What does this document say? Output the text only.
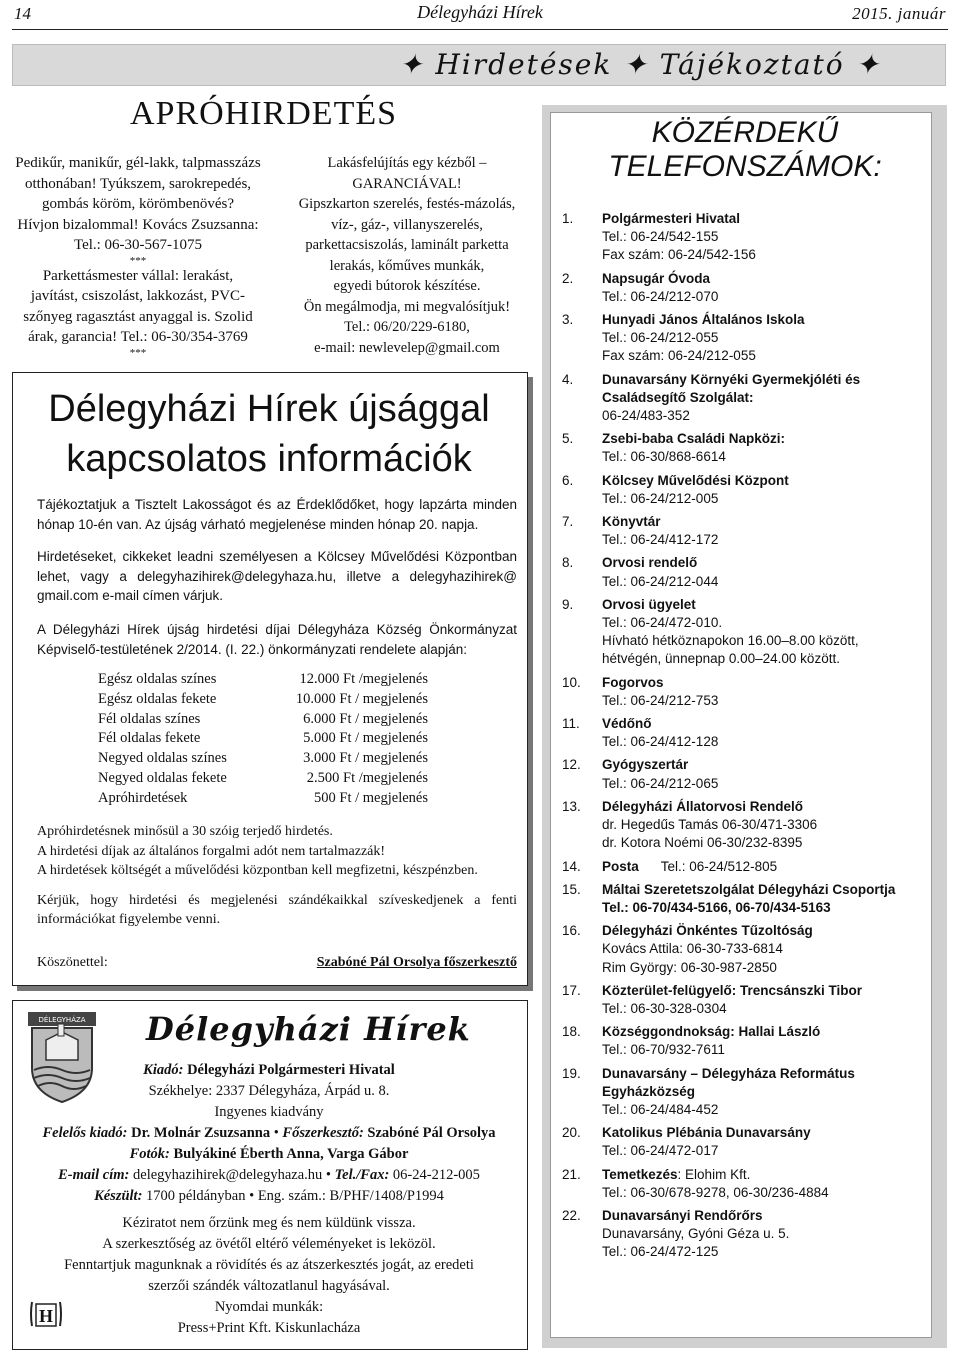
14	Délegyházi Hírek	2015. január
✦ Hirdetések ✦ Tájékoztató ✦
APRÓHIRDETÉS
Pedikűr, manikűr, gél-lakk, talpmasszázs
otthonában! Tyúkszem, sarokrepedés,
gombás köröm, körömbenövés?
Hívjon bizalommal! Kovács Zsuzsanna:
Tel.: 06-30-567-1075
***
Parkettásmester vállal: lerakást,
javítást, csiszolást, lakkozást, PVC-
szőnyeg ragasztást anyaggal is. Szolid
árak, garancia! Tel.: 06-30/354-3769
***
Lakásfelújítás egy kézből –
GARANCIÁVAL!
Gipszkarton szerelés, festés-mázolás,
víz-, gáz-, villanyszerelés,
parkettacsiszolás, laminált parketta
lerakás, kőműves munkák,
egyedi bútorok készítése.
Ön megálmodja, mi megvalósítjuk!
Tel.: 06/20/229-6180,
e-mail: newlevelep@gmail.com
Délegyházi Hírek újsággal
kapcsolatos információk
Tájékoztatjuk a Tisztelt Lakosságot és az Érdeklődőket, hogy lapzárta minden hónap 10-én van. Az újság várható megjelenése minden hónap 20. napja.
Hirdetéseket, cikkeket leadni személyesen a Kölcsey Művelődési Központban lehet, vagy a delegyhazihirek@delegyhaza.hu, illetve a delegyhazihirek@ gmail.com e-mail címen várjuk.
A Délegyházi Hírek újság hirdetési díjai Délegyháza Község Önkormányzat Képviselő-testületének 2/2014. (I. 22.) önkormányzati rendelete alapján:
Egész oldalas színes	12.000 Ft /megjelenés
Egész oldalas fekete	10.000 Ft / megjelenés
Fél oldalas színes	6.000 Ft / megjelenés
Fél oldalas fekete	5.000 Ft / megjelenés
Negyed oldalas színes	3.000 Ft / megjelenés
Negyed oldalas fekete	2.500 Ft /megjelenés
Apróhirdetések	500 Ft / megjelenés

Apróhirdetésnek minősül a 30 szóig terjedő hirdetés.

A hirdetési díjak az általános forgalmi adót nem tartalmazzák!

A hirdetések költségét a művelődési központban kell megfizetni, készpénzben.

Kérjük, hogy hirdetési és megjelenési szándékaikkal szíveskedjenek a fenti információkat figyelembe venni.

Köszönettel:	Szabóné Pál Orsolya főszerkesztő
DÉLEGYHÁZA Délegyházi Hírek
Kiadó: Délegyházi Polgármesteri Hivatal
Székhelye: 2337 Délegyháza, Árpád u. 8.
Ingyenes kiadvány
Felelős kiadó: Dr. Molnár Zsuzsanna • Főszerkesztő: Szabóné Pál Orsolya
Fotók: Bulyákiné Éberth Anna, Varga Gábor
E-mail cím: delegyhazihirek@delegyhaza.hu • Tel./Fax: 06-24-212-005
Készült: 1700 példányban • Eng. szám.: B/PHF/1408/P1994
Kéziratot nem őrzünk meg és nem küldünk vissza.
A szerkesztőség az övétől eltérő véleményeket is leközöl.
Fenntartjuk magunknak a rövidítés és az átszerkesztés jogát, az eredeti
szerzői szándék változatlanul hagyásával.
Nyomdai munkák:
Press+Print Kft. Kiskunlacháza
H
KÖZÉRDEKŰ
TELEFONSZÁMOK:
1.	Polgármesteri Hivatal
Tel.: 06-24/542-155
Fax szám: 06-24/542-156
2.	Napsugár Óvoda
Tel.: 06-24/212-070
3.	Hunyadi János Általános Iskola
Tel.: 06-24/212-055
Fax szám: 06-24/212-055
4.	Dunavarsány Környéki Gyermekjóléti és Családsegítő Szolgálat:
06-24/483-352
5.	Zsebi-baba Családi Napközi:
Tel.: 06-30/868-6614
6.	Kölcsey Művelődési Központ
Tel.: 06-24/212-005
7.	Könyvtár
Tel.: 06-24/412-172
8.	Orvosi rendelő
Tel.: 06-24/212-044
9.	Orvosi ügyelet
Tel.: 06-24/472-010.
Hívható hétköznapokon 16.00–8.00 között,
hétvégén, ünnepnap 0.00–24.00 között.
10.	Fogorvos
Tel.: 06-24/212-753
11.	Védőnő
Tel.: 06-24/412-128
12.	Gyógyszertár
Tel.: 06-24/212-065
13.	Délegyházi Állatorvosi Rendelő
dr. Hegedűs Tamás 06-30/471-3306
dr. Kotora Noémi 06-30/232-8395
14.	Posta Tel.: 06-24/512-805
15.	Máltai Szeretetszolgálat Délegyházi Csoportja
Tel.: 06-70/434-5166, 06-70/434-5163
16.	Délegyházi Önkéntes Tűzoltóság
Kovács Attila: 06-30-733-6814
Rim György: 06-30-987-2850
17.	Közterület-felügyelő: Trencsánszki Tibor
Tel.: 06-30-328-0304
18.	Községgondnokság: Hallai László
Tel.: 06-70/932-7611
19.	Dunavarsány – Délegyháza Református Egyházközség
Tel.: 06-24/484-452
20.	Katolikus Plébánia Dunavarsány
Tel.: 06-24/472-017
21.	Temetkezés: Elohim Kft.
Tel.: 06-30/678-9278, 06-30/236-4884
22.	Dunavarsányi Rendőrőrs
Dunavarsány, Gyóni Géza u. 5.
Tel.: 06-24/472-125
